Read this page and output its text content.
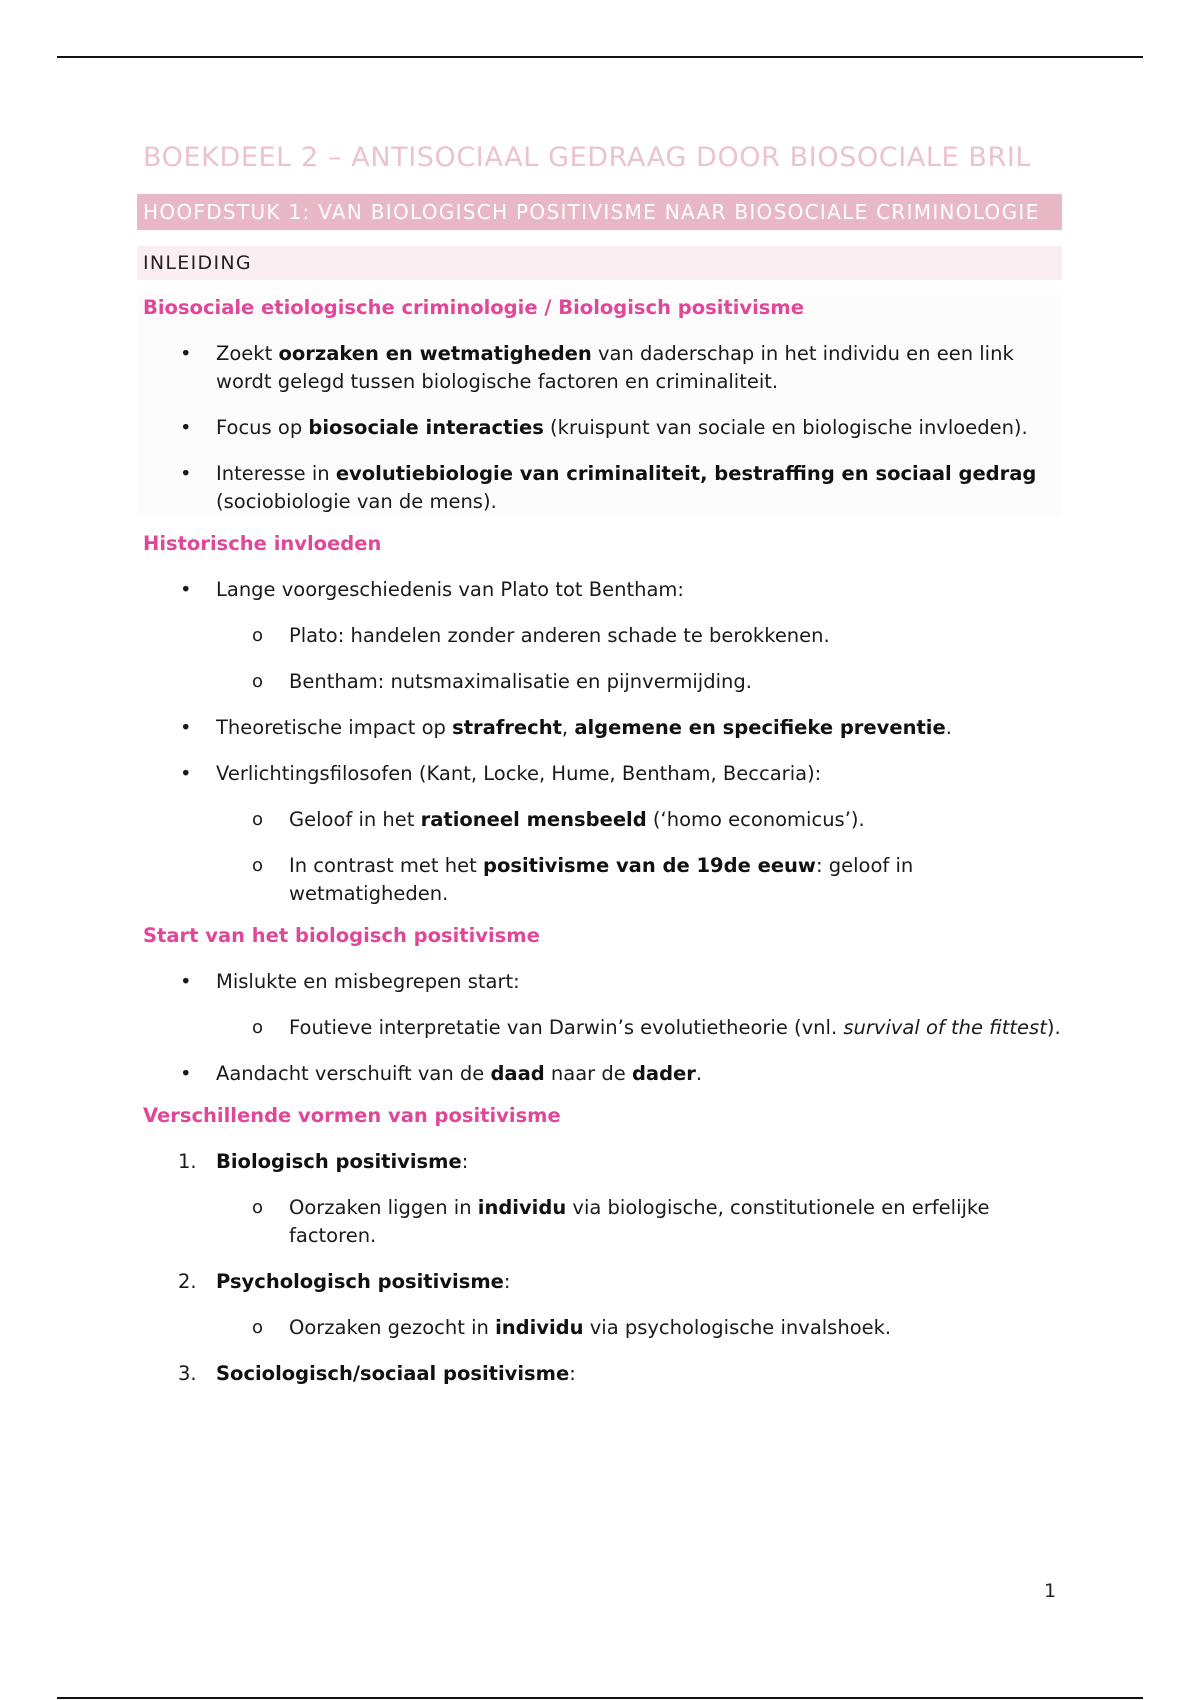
BOEKDEEL 2 – ANTISOCIAAL GEDRAAG DOOR BIOSOCIALE BRIL
HOOFDSTUK 1: VAN BIOLOGISCH POSITIVISME NAAR BIOSOCIALE CRIMINOLOGIE
INLEIDING
Biosociale etiologische criminologie / Biologisch positivisme
•	Zoekt oorzaken en wetmatigheden van daderschap in het individu en een link wordt gelegd tussen biologische factoren en criminaliteit.
•	Focus op biosociale interacties (kruispunt van sociale en biologische invloeden).
•	Interesse in evolutiebiologie van criminaliteit, bestraffing en sociaal gedrag (sociobiologie van de mens).
Historische invloeden
•	Lange voorgeschiedenis van Plato tot Bentham:
o	Plato: handelen zonder anderen schade te berokkenen.
o	Bentham: nutsmaximalisatie en pijnvermijding.
•	Theoretische impact op strafrecht, algemene en specifieke preventie.
•	Verlichtingsfilosofen (Kant, Locke, Hume, Bentham, Beccaria):
o	Geloof in het rationeel mensbeeld (‘homo economicus’).
o	In contrast met het positivisme van de 19de eeuw: geloof in wetmatigheden.
Start van het biologisch positivisme
•	Mislukte en misbegrepen start:
o	Foutieve interpretatie van Darwin’s evolutietheorie (vnl. survival of the fittest).
•	Aandacht verschuift van de daad naar de dader.
Verschillende vormen van positivisme
1. Biologisch positivisme:
o	Oorzaken liggen in individu via biologische, constitutionele en erfelijke factoren.
2. Psychologisch positivisme:
o	Oorzaken gezocht in individu via psychologische invalshoek.
3. Sociologisch/sociaal positivisme:
1
